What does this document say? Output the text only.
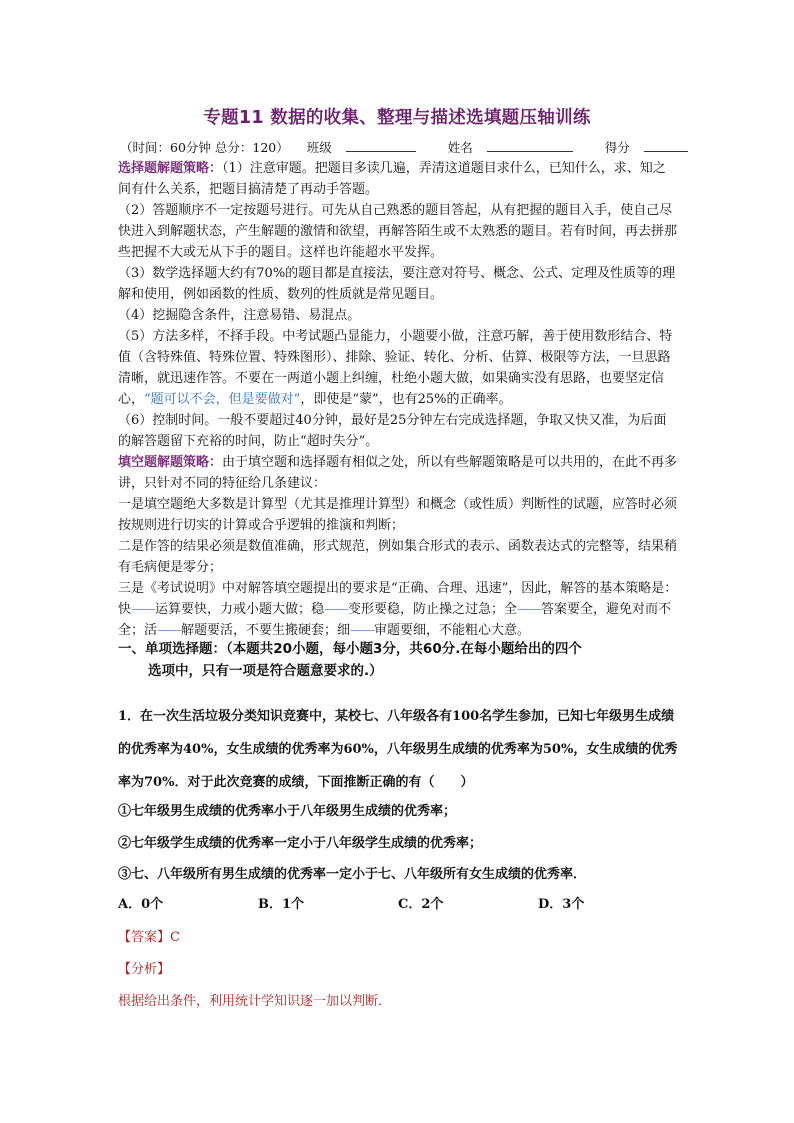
专题11 数据的收集、整理与描述选填题压轴训练
（时间：60分钟 总分：120） 班级	姓名	得分

选择题解题策略：（1）注意审题。把题目多读几遍，弄清这道题目求什么，已知什么，求、知之间有什么关系，把题目搞清楚了再动手答题。

（2）答题顺序不一定按题号进行。可先从自己熟悉的题目答起，从有把握的题目入手，使自己尽快进入到解题状态，产生解题的激情和欲望，再解答陌生或不太熟悉的题目。若有时间，再去拼那些把握不大或无从下手的题目。这样也许能超水平发挥。

（3）数学选择题大约有70%的题目都是直接法，要注意对符号、概念、公式、定理及性质等的理解和使用，例如函数的性质、数列的性质就是常见题目。

（4）挖掘隐含条件，注意易错、易混点。

（5）方法多样，不择手段。中考试题凸显能力，小题要小做，注意巧解，善于使用数形结合、特值（含特殊值、特殊位置、特殊图形）、排除、验证、转化、分析、估算、极限等方法，一旦思路清晰，就迅速作答。不要在一两道小题上纠缠，杜绝小题大做，如果确实没有思路，也要坚定信心，“题可以不会，但是要做对”，即使是“蒙”，也有25%的正确率。

（6）控制时间。一般不要超过40分钟，最好是25分钟左右完成选择题，争取又快又准，为后面的解答题留下充裕的时间，防止“超时失分”。

填空题解题策略：由于填空题和选择题有相似之处，所以有些解题策略是可以共用的，在此不再多讲，只针对不同的特征给几条建议：

一是填空题绝大多数是计算型（尤其是推理计算型）和概念（或性质）判断性的试题，应答时必须按规则进行切实的计算或合乎逻辑的推演和判断；

二是作答的结果必须是数值准确，形式规范，例如集合形式的表示、函数表达式的完整等，结果稍有毛病便是零分；

三是《考试说明》中对解答填空题提出的要求是“正确、合理、迅速”，因此，解答的基本策略是：快——运算要快，力戒小题大做；稳——变形要稳，防止操之过急；全——答案要全，避免对而不全；活——解题要活，不要生搬硬套；细——审题要细，不能粗心大意。

一、单项选择题：（本题共20小题，每小题3分，共60分.在每小题给出的四个
选项中，只有一项是符合题意要求的.）
1．在一次生活垃圾分类知识竞赛中，某校七、八年级各有100名学生参加，已知七年级男生成绩的优秀率为40%，女生成绩的优秀率为60%，八年级男生成绩的优秀率为50%，女生成绩的优秀率为70%．对于此次竞赛的成绩，下面推断正确的有（　　）
①七年级男生成绩的优秀率小于八年级男生成绩的优秀率；
②七年级学生成绩的优秀率一定小于八年级学生成绩的优秀率；
③七、八年级所有男生成绩的优秀率一定小于七、八年级所有女生成绩的优秀率．
A．0个	B．1个	C．2个	D．3个
【答案】C
【分析】
根据给出条件，利用统计学知识逐一加以判断．
